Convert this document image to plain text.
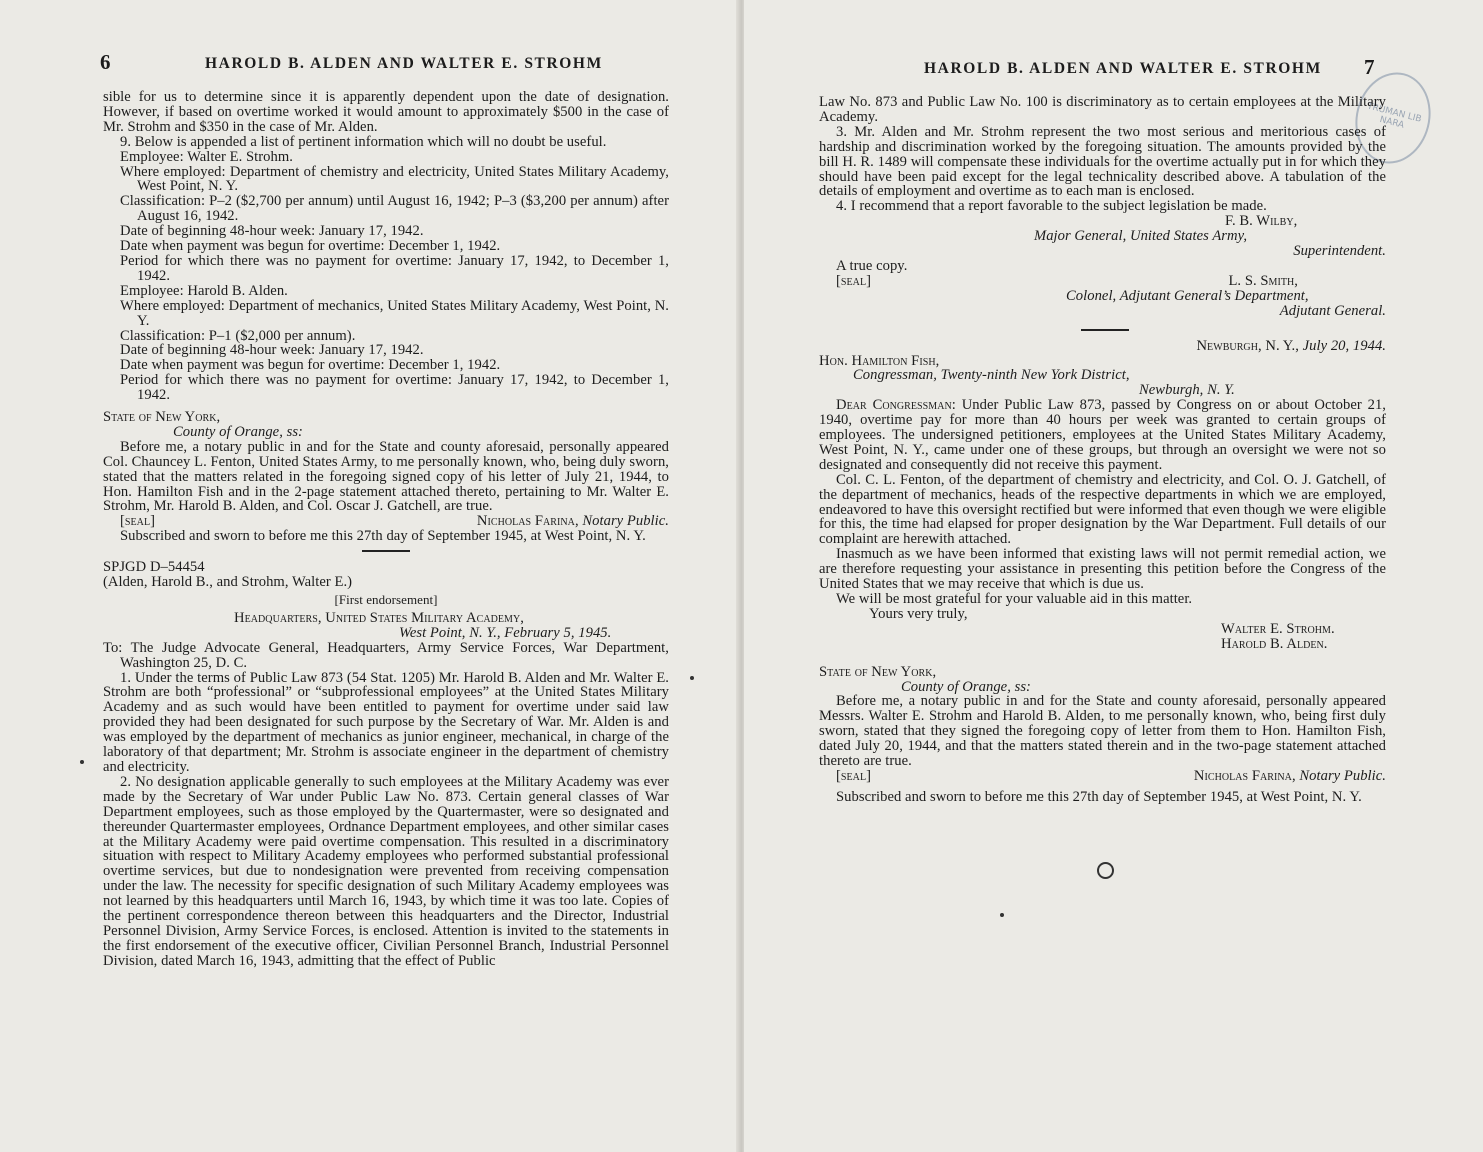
6	HAROLD B. ALDEN AND WALTER E. STROHM

sible for us to determine since it is apparently dependent upon the date of designation. However, if based on overtime worked it would amount to approximately $500 in the case of Mr. Strohm and $350 in the case of Mr. Alden.

9. Below is appended a list of pertinent information which will no doubt be useful.

Employee: Walter E. Strohm.

Where employed: Department of chemistry and electricity, United States Military Academy, West Point, N. Y.

Classification: P–2 ($2,700 per annum) until August 16, 1942; P–3 ($3,200 per annum) after August 16, 1942.

Date of beginning 48-hour week: January 17, 1942.

Date when payment was begun for overtime: December 1, 1942.

Period for which there was no payment for overtime: January 17, 1942, to December 1, 1942.

Employee: Harold B. Alden.

Where employed: Department of mechanics, United States Military Academy, West Point, N. Y.

Classification: P–1 ($2,000 per annum).

Date of beginning 48-hour week: January 17, 1942.

Date when payment was begun for overtime: December 1, 1942.

Period for which there was no payment for overtime: January 17, 1942, to December 1, 1942.

State of New York,

County of Orange, ss:

Before me, a notary public in and for the State and county aforesaid, personally appeared Col. Chauncey L. Fenton, United States Army, to me personally known, who, being duly sworn, stated that the matters related in the foregoing signed copy of his letter of July 21, 1944, to Hon. Hamilton Fish and in the 2-page statement attached thereto, pertaining to Mr. Walter E. Strohm, Mr. Harold B. Alden, and Col. Oscar J. Gatchell, are true.

[seal]	Nicholas Farina, Notary Public.

Subscribed and sworn to before me this 27th day of September 1945, at West Point, N. Y.

SPJGD D–54454

(Alden, Harold B., and Strohm, Walter E.)

[First endorsement]

Headquarters, United States Military Academy,

West Point, N. Y., February 5, 1945.

To: The Judge Advocate General, Headquarters, Army Service Forces, War Department, Washington 25, D. C.

1. Under the terms of Public Law 873 (54 Stat. 1205) Mr. Harold B. Alden and Mr. Walter E. Strohm are both “professional” or “subprofessional employees” at the United States Military Academy and as such would have been entitled to payment for overtime under said law provided they had been designated for such purpose by the Secretary of War. Mr. Alden is and was employed by the department of mechanics as junior engineer, mechanical, in charge of the laboratory of that department; Mr. Strohm is associate engineer in the department of chemistry and electricity.

2. No designation applicable generally to such employees at the Military Academy was ever made by the Secretary of War under Public Law No. 873. Certain general classes of War Department employees, such as those employed by the Quartermaster, were so designated and thereunder Quartermaster employees, Ordnance Department employees, and other similar cases at the Military Academy were paid overtime compensation. This resulted in a discriminatory situation with respect to Military Academy employees who performed substantial professional overtime services, but due to nondesignation were prevented from receiving compensation under the law. The necessity for specific designation of such Military Academy employees was not learned by this headquarters until March 16, 1943, by which time it was too late. Copies of the pertinent correspondence thereon between this headquarters and the Director, Industrial Personnel Division, Army Service Forces, is enclosed. Attention is invited to the statements in the first endorsement of the executive officer, Civilian Personnel Branch, Industrial Personnel Division, dated March 16, 1943, admitting that the effect of Public

HAROLD B. ALDEN AND WALTER E. STROHM 7
TRUMAN LIB NARA

Law No. 873 and Public Law No. 100 is discriminatory as to certain employees at the Military Academy.

3. Mr. Alden and Mr. Strohm represent the two most serious and meritorious cases of hardship and discrimination worked by the foregoing situation. The amounts provided by the bill H. R. 1489 will compensate these individuals for the overtime actually put in for which they should have been paid except for the legal technicality described above. A tabulation of the details of employment and overtime as to each man is enclosed.

4. I recommend that a report favorable to the subject legislation be made.

F. B. Wilby,

Major General, United States Army,

Superintendent.

A true copy.

[seal]	L. S. Smith,

Colonel, Adjutant General’s Department,

Adjutant General.

Newburgh, N. Y., July 20, 1944.

Hon. Hamilton Fish,

Congressman, Twenty-ninth New York District,

Newburgh, N. Y.

Dear Congressman: Under Public Law 873, passed by Congress on or about October 21, 1940, overtime pay for more than 40 hours per week was granted to certain groups of employees. The undersigned petitioners, employees at the United States Military Academy, West Point, N. Y., came under one of these groups, but through an oversight we were not so designated and consequently did not receive this payment.

Col. C. L. Fenton, of the department of chemistry and electricity, and Col. O. J. Gatchell, of the department of mechanics, heads of the respective departments in which we are employed, endeavored to have this oversight rectified but were informed that even though we were eligible for this, the time had elapsed for proper designation by the War Department. Full details of our complaint are herewith attached.

Inasmuch as we have been informed that existing laws will not permit remedial action, we are therefore requesting your assistance in presenting this petition before the Congress of the United States that we may receive that which is due us.

We will be most grateful for your valuable aid in this matter.

Yours very truly,

Walter E. Strohm.

Harold B. Alden.

State of New York,

County of Orange, ss:

Before me, a notary public in and for the State and county aforesaid, personally appeared Messrs. Walter E. Strohm and Harold B. Alden, to me personally known, who, being first duly sworn, stated that they signed the foregoing copy of letter from them to Hon. Hamilton Fish, dated July 20, 1944, and that the matters stated therein and in the two-page statement attached thereto are true.

[seal]	Nicholas Farina, Notary Public.

Subscribed and sworn to before me this 27th day of September 1945, at West Point, N. Y.
